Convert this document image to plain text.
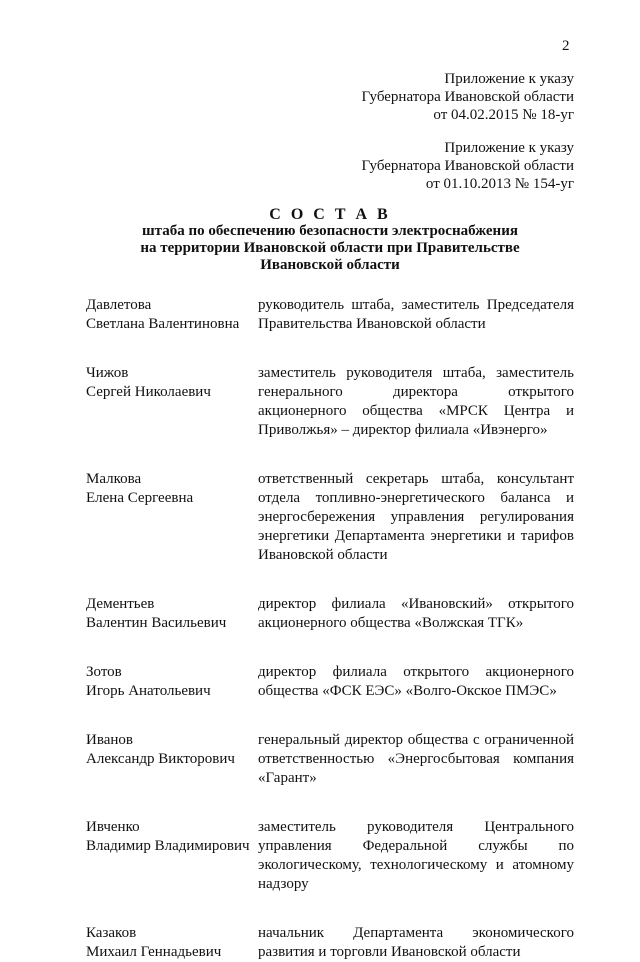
2
Приложение к указу
Губернатора Ивановской области
от 04.02.2015 № 18-уг
Приложение к указу
Губернатора Ивановской области
от 01.10.2013 № 154-уг
С О С Т А В
штаба по обеспечению безопасности электроснабжения
на территории Ивановской области при Правительстве
Ивановской области
Давлетова
Светлана Валентиновна
руководитель штаба, заместитель Председателя
Правительства Ивановской области
Чижов
Сергей Николаевич
заместитель руководителя штаба, заместитель
генерального директора открытого
акционерного общества «МРСК Центра и
Приволжья» – директор филиала «Ивэнерго»
Малкова
Елена Сергеевна
ответственный секретарь штаба, консультант
отдела топливно-энергетического баланса и
энергосбережения управления регулирования
энергетики Департамента энергетики и тарифов
Ивановской области
Дементьев
Валентин Васильевич
директор филиала «Ивановский» открытого
акционерного общества «Волжская ТГК»
Зотов
Игорь Анатольевич
директор филиала открытого акционерного
общества «ФСК ЕЭС» «Волго-Окское ПМЭС»
Иванов
Александр Викторович
генеральный директор общества с ограниченной
ответственностью «Энергосбытовая компания
«Гарант»
Ивченко
Владимир Владимирович
заместитель руководителя Центрального
управления Федеральной службы по
экологическому, технологическому и атомному
надзору
Казаков
Михаил Геннадьевич
начальник Департамента экономического
развития и торговли Ивановской области
